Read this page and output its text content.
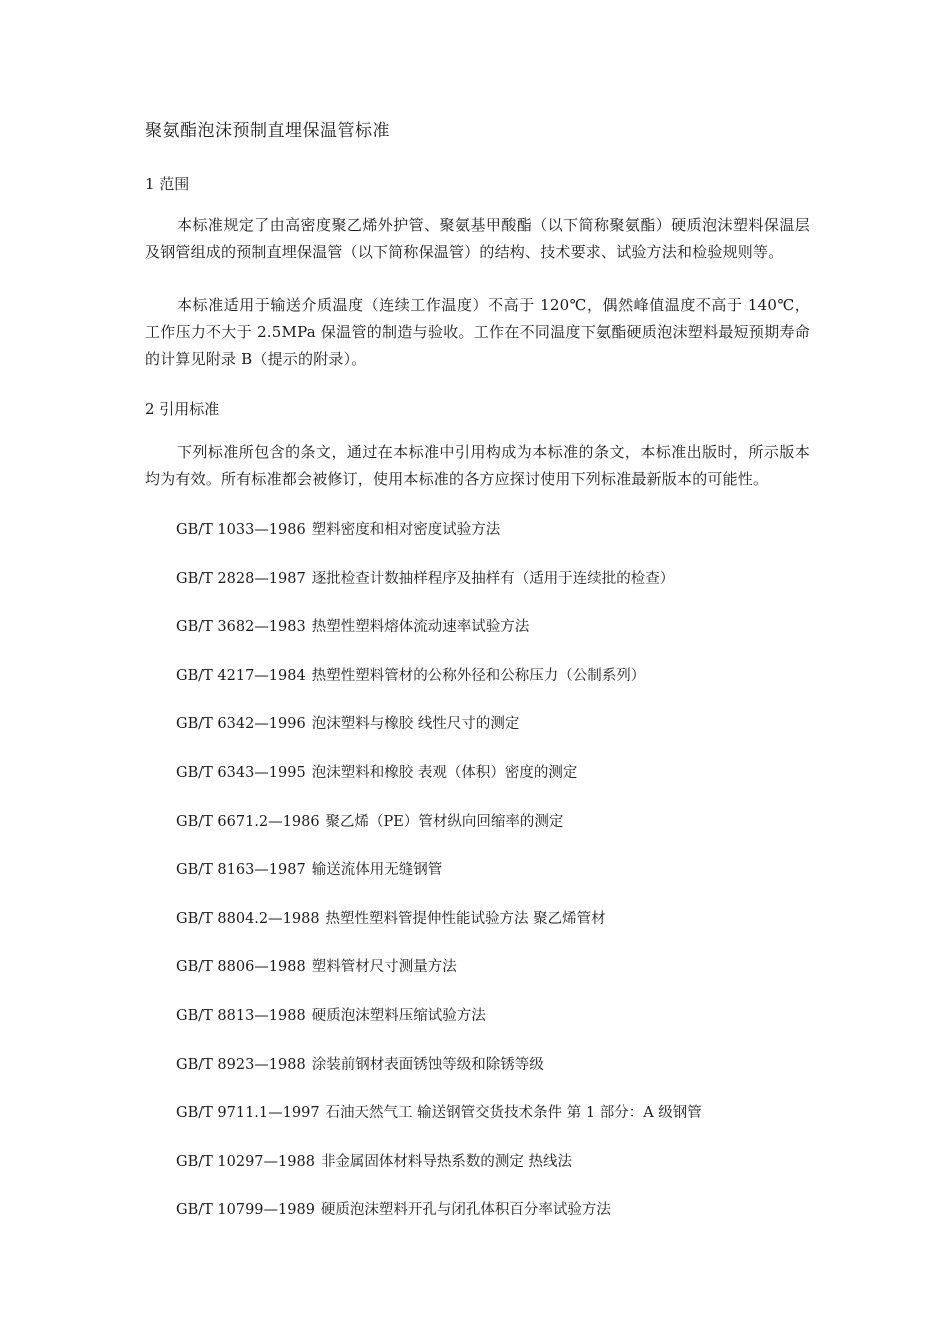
聚氨酯泡沫预制直埋保温管标准
1 范围

本标准规定了由高密度聚乙烯外护管、聚氨基甲酸酯（以下简称聚氨酯）硬质泡沫塑料保温层及钢管组成的预制直埋保温管（以下简称保温管）的结构、技术要求、试验方法和检验规则等。

本标准适用于输送介质温度（连续工作温度）不高于 120℃，偶然峰值温度不高于 140℃，工作压力不大于 2.5MPa 保温管的制造与验收。工作在不同温度下氨酯硬质泡沫塑料最短预期寿命的计算见附录 B（提示的附录）。

2 引用标准

下列标准所包含的条文，通过在本标准中引用构成为本标准的条文，本标准出版时，所示版本均为有效。所有标准都会被修订，使用本标准的各方应探讨使用下列标准最新版本的可能性。

GB/T 1033—1986 塑料密度和相对密度试验方法
GB/T 2828—1987 逐批检查计数抽样程序及抽样有（适用于连续批的检查）
GB/T 3682—1983 热塑性塑料熔体流动速率试验方法
GB/T 4217—1984 热塑性塑料管材的公称外径和公称压力（公制系列）
GB/T 6342—1996 泡沫塑料与橡胶 线性尺寸的测定
GB/T 6343—1995 泡沫塑料和橡胶 表观（体积）密度的测定
GB/T 6671.2—1986 聚乙烯（PE）管材纵向回缩率的测定
GB/T 8163—1987 输送流体用无缝钢管
GB/T 8804.2—1988 热塑性塑料管提伸性能试验方法 聚乙烯管材
GB/T 8806—1988 塑料管材尺寸测量方法
GB/T 8813—1988 硬质泡沫塑料压缩试验方法
GB/T 8923—1988 涂装前钢材表面锈蚀等级和除锈等级
GB/T 9711.1—1997 石油天然气工 输送钢管交货技术条件 第 1 部分：A 级钢管
GB/T 10297—1988 非金属固体材料导热系数的测定 热线法
GB/T 10799—1989 硬质泡沫塑料开孔与闭孔体积百分率试验方法
